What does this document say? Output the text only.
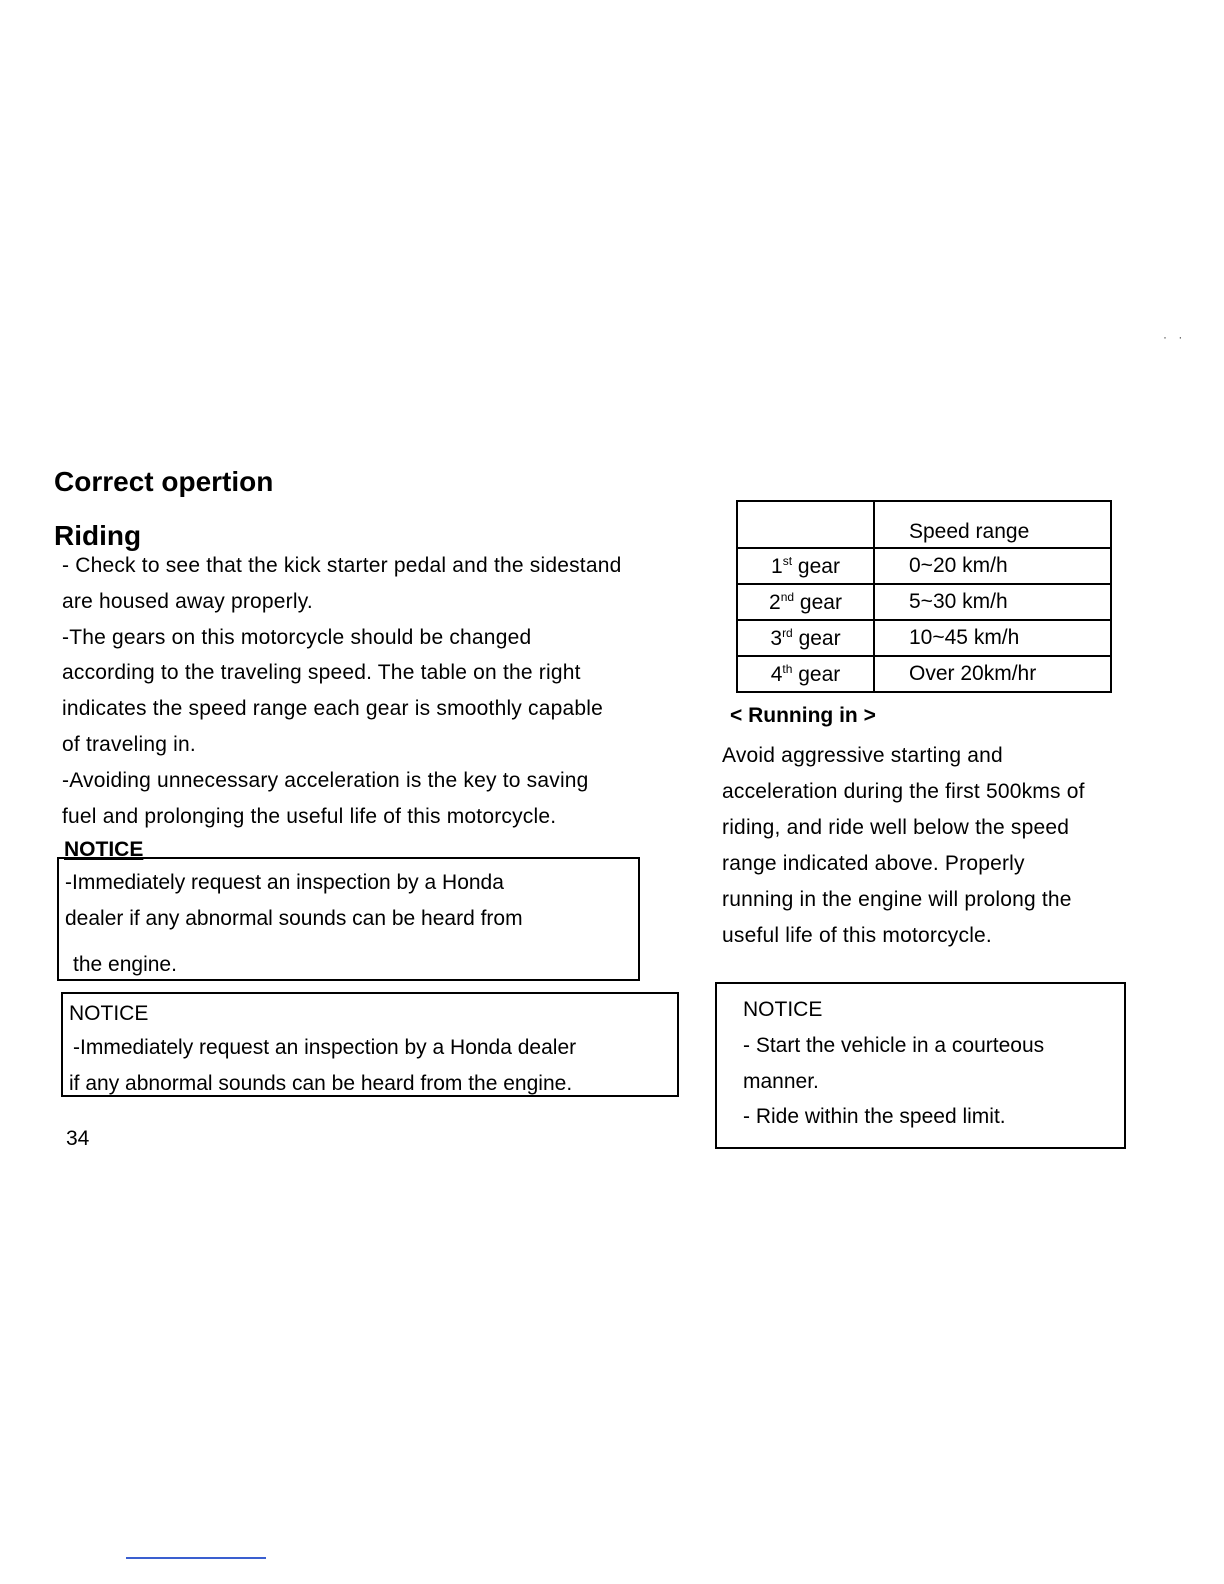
· ·
Correct opertion
Riding

- Check to see that the kick starter pedal and the sidestand

are housed away properly.

-The gears on this motorcycle should be changed

according to the traveling speed. The table on the right

indicates the speed range each gear is smoothly capable

of traveling in.

-Avoiding unnecessary acceleration is the key to saving

fuel and prolonging the useful life of this motorcycle.

NOTICE

-Immediately request an inspection by a Honda

dealer if any abnormal sounds can be heard from

the engine.

NOTICE

-Immediately request an inspection by a Honda dealer

if any abnormal sounds can be heard from the engine.

34
	Speed range
1st gear	0~20 km/h
2nd gear	5~30 km/h
3rd gear	10~45 km/h
4th gear	Over 20km/hr
< Running in >

Avoid aggressive starting and

acceleration during the first 500kms of

riding, and ride well below the speed

range indicated above. Properly

running in the engine will prolong the

useful life of this motorcycle.

NOTICE

- Start the vehicle in a courteous

manner.

- Ride within the speed limit.
